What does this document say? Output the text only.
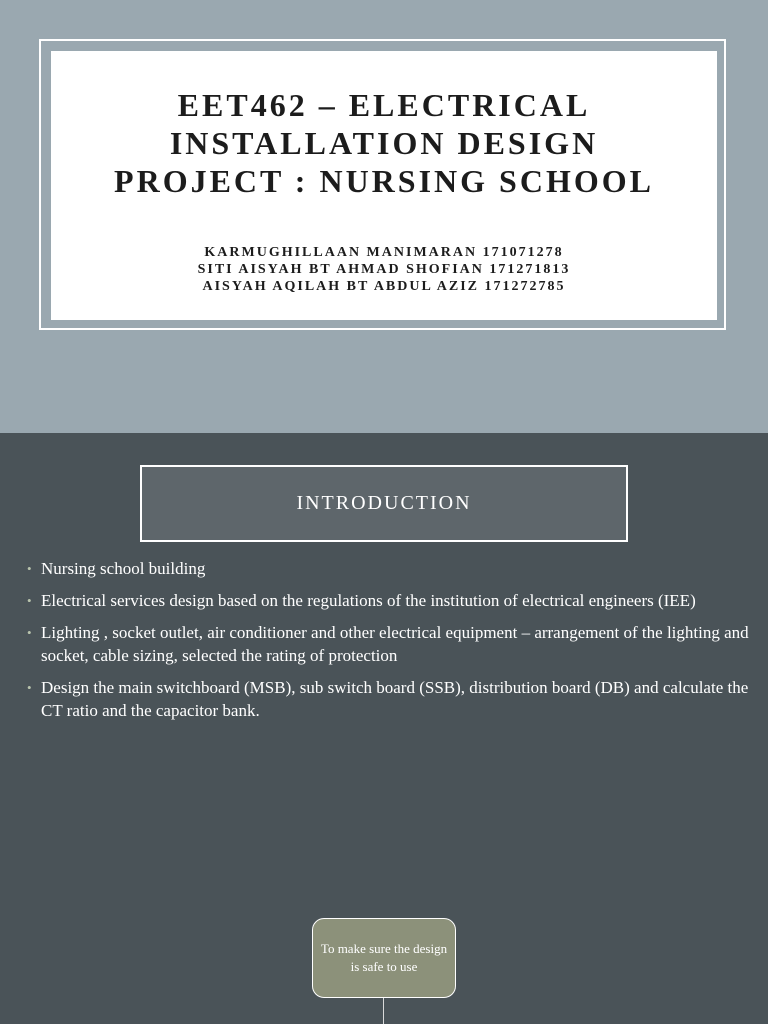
EET462 – ELECTRICAL
INSTALLATION DESIGN
PROJECT : NURSING SCHOOL
KARMUGHILLAAN MANIMARAN 171071278
SITI AISYAH BT AHMAD SHOFIAN 171271813
AISYAH AQILAH BT ABDUL AZIZ 171272785
INTRODUCTION
• Nursing school building
• Electrical services design based on the regulations of the institution of electrical engineers (IEE)
• Lighting , socket outlet, air conditioner and other electrical equipment – arrangement of the lighting and socket, cable sizing, selected the rating of protection
• Design the main switchboard (MSB), sub switch board (SSB), distribution board (DB) and calculate the CT ratio and the capacitor bank.
To make sure the design is safe to use
